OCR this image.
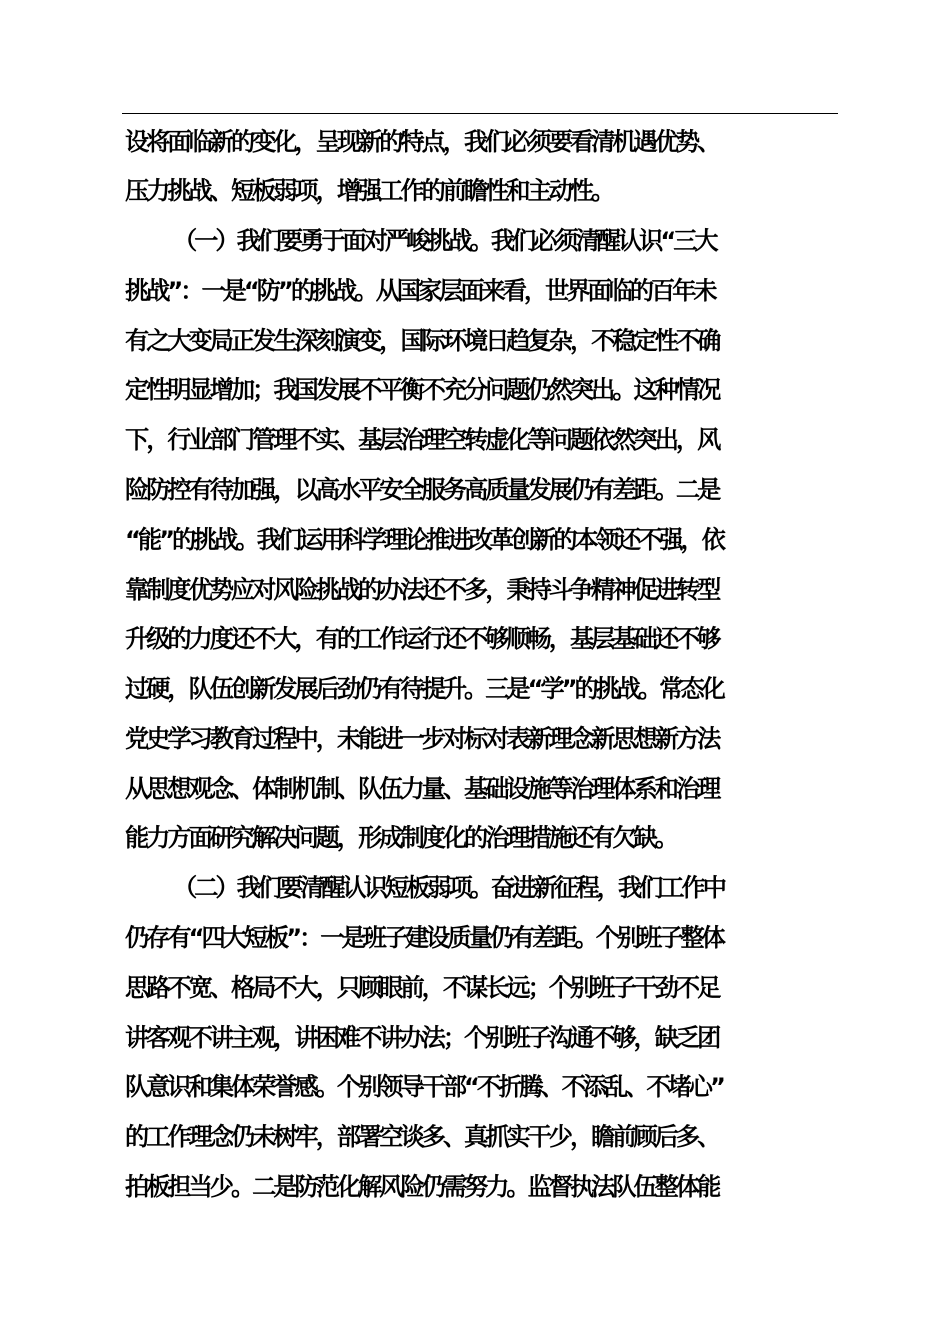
设将面临新的变化，呈现新的特点，我们必须要看清机遇优势、
压力挑战、短板弱项，增强工作的前瞻性和主动性。
（一）我们要勇于面对严峻挑战。我们必须清醒认识“三大
挑战”：一是“防”的挑战。从国家层面来看，世界面临的百年未
有之大变局正发生深刻演变，国际环境日趋复杂，不稳定性不确
定性明显增加；我国发展不平衡不充分问题仍然突出。这种情况
下，行业部门管理不实、基层治理空转虚化等问题依然突出，风
险防控有待加强，以高水平安全服务高质量发展仍有差距。二是
“能”的挑战。我们运用科学理论推进改革创新的本领还不强，依
靠制度优势应对风险挑战的办法还不多，秉持斗争精神促进转型
升级的力度还不大，有的工作运行还不够顺畅，基层基础还不够
过硬，队伍创新发展后劲仍有待提升。三是“学”的挑战。常态化
党史学习教育过程中，未能进一步对标对表新理念新思想新方法
从思想观念、体制机制、队伍力量、基础设施等治理体系和治理
能力方面研究解决问题，形成制度化的治理措施还有欠缺。
（二）我们要清醒认识短板弱项。奋进新征程，我们工作中
仍存有“四大短板”：一是班子建设质量仍有差距。个别班子整体
思路不宽、格局不大，只顾眼前，不谋长远；个别班子干劲不足
讲客观不讲主观，讲困难不讲办法；个别班子沟通不够，缺乏团
队意识和集体荣誉感。个别领导干部“不折腾、不添乱、不堵心”
的工作理念仍未树牢，部署空谈多、真抓实干少，瞻前顾后多、
拍板担当少。二是防范化解风险仍需努力。监督执法队伍整体能
